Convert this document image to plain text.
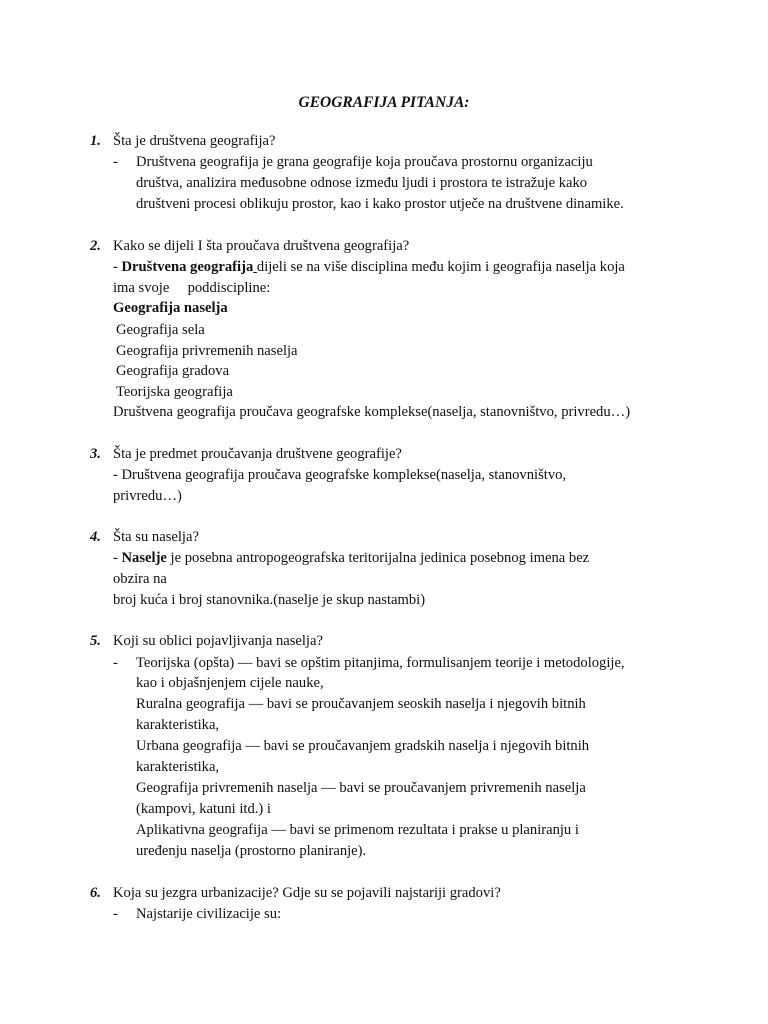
GEOGRAFIJA PITANJA:
1. Šta je društvena geografija?
- Društvena geografija je grana geografije koja proučava prostornu organizaciju
društva, analizira međusobne odnose između ljudi i prostora te istražuje kako
društveni procesi oblikuju prostor, kao i kako prostor utječe na društvene dinamike.
2. Kako se dijeli I šta proučava društvena geografija?
- Društvena geografija dijeli se na više disciplina među kojim i geografija naselja koja
ima svoje     poddiscipline:
Geografija naselja
Geografija sela
Geografija privremenih naselja
Geografija gradova
Teorijska geografija
Društvena geografija proučava geografske komplekse(naselja, stanovništvo, privredu…)
3. Šta je predmet proučavanja društvene geografije?
- Društvena geografija proučava geografske komplekse(naselja, stanovništvo,
privredu…)
4. Šta su naselja?
- Naselje je posebna antropogeografska teritorijalna jedinica posebnog imena bez
obzira na
broj kuća i broj stanovnika.(naselje je skup nastambi)
5. Koji su oblici pojavljivanja naselja?
- Teorijska (opšta) — bavi se opštim pitanjima, formulisanjem teorije i metodologije,
kao i objašnjenjem cijele nauke,
Ruralna geografija — bavi se proučavanjem seoskih naselja i njegovih bitnih
karakteristika,
Urbana geografija — bavi se proučavanjem gradskih naselja i njegovih bitnih
karakteristika,
Geografija privremenih naselja — bavi se proučavanjem privremenih naselja
(kampovi, katuni itd.) i
Aplikativna geografija — bavi se primenom rezultata i prakse u planiranju i
uređenju naselja (prostorno planiranje).
6. Koja su jezgra urbanizacije? Gdje su se pojavili najstariji gradovi?
- Najstarije civilizacije su:
